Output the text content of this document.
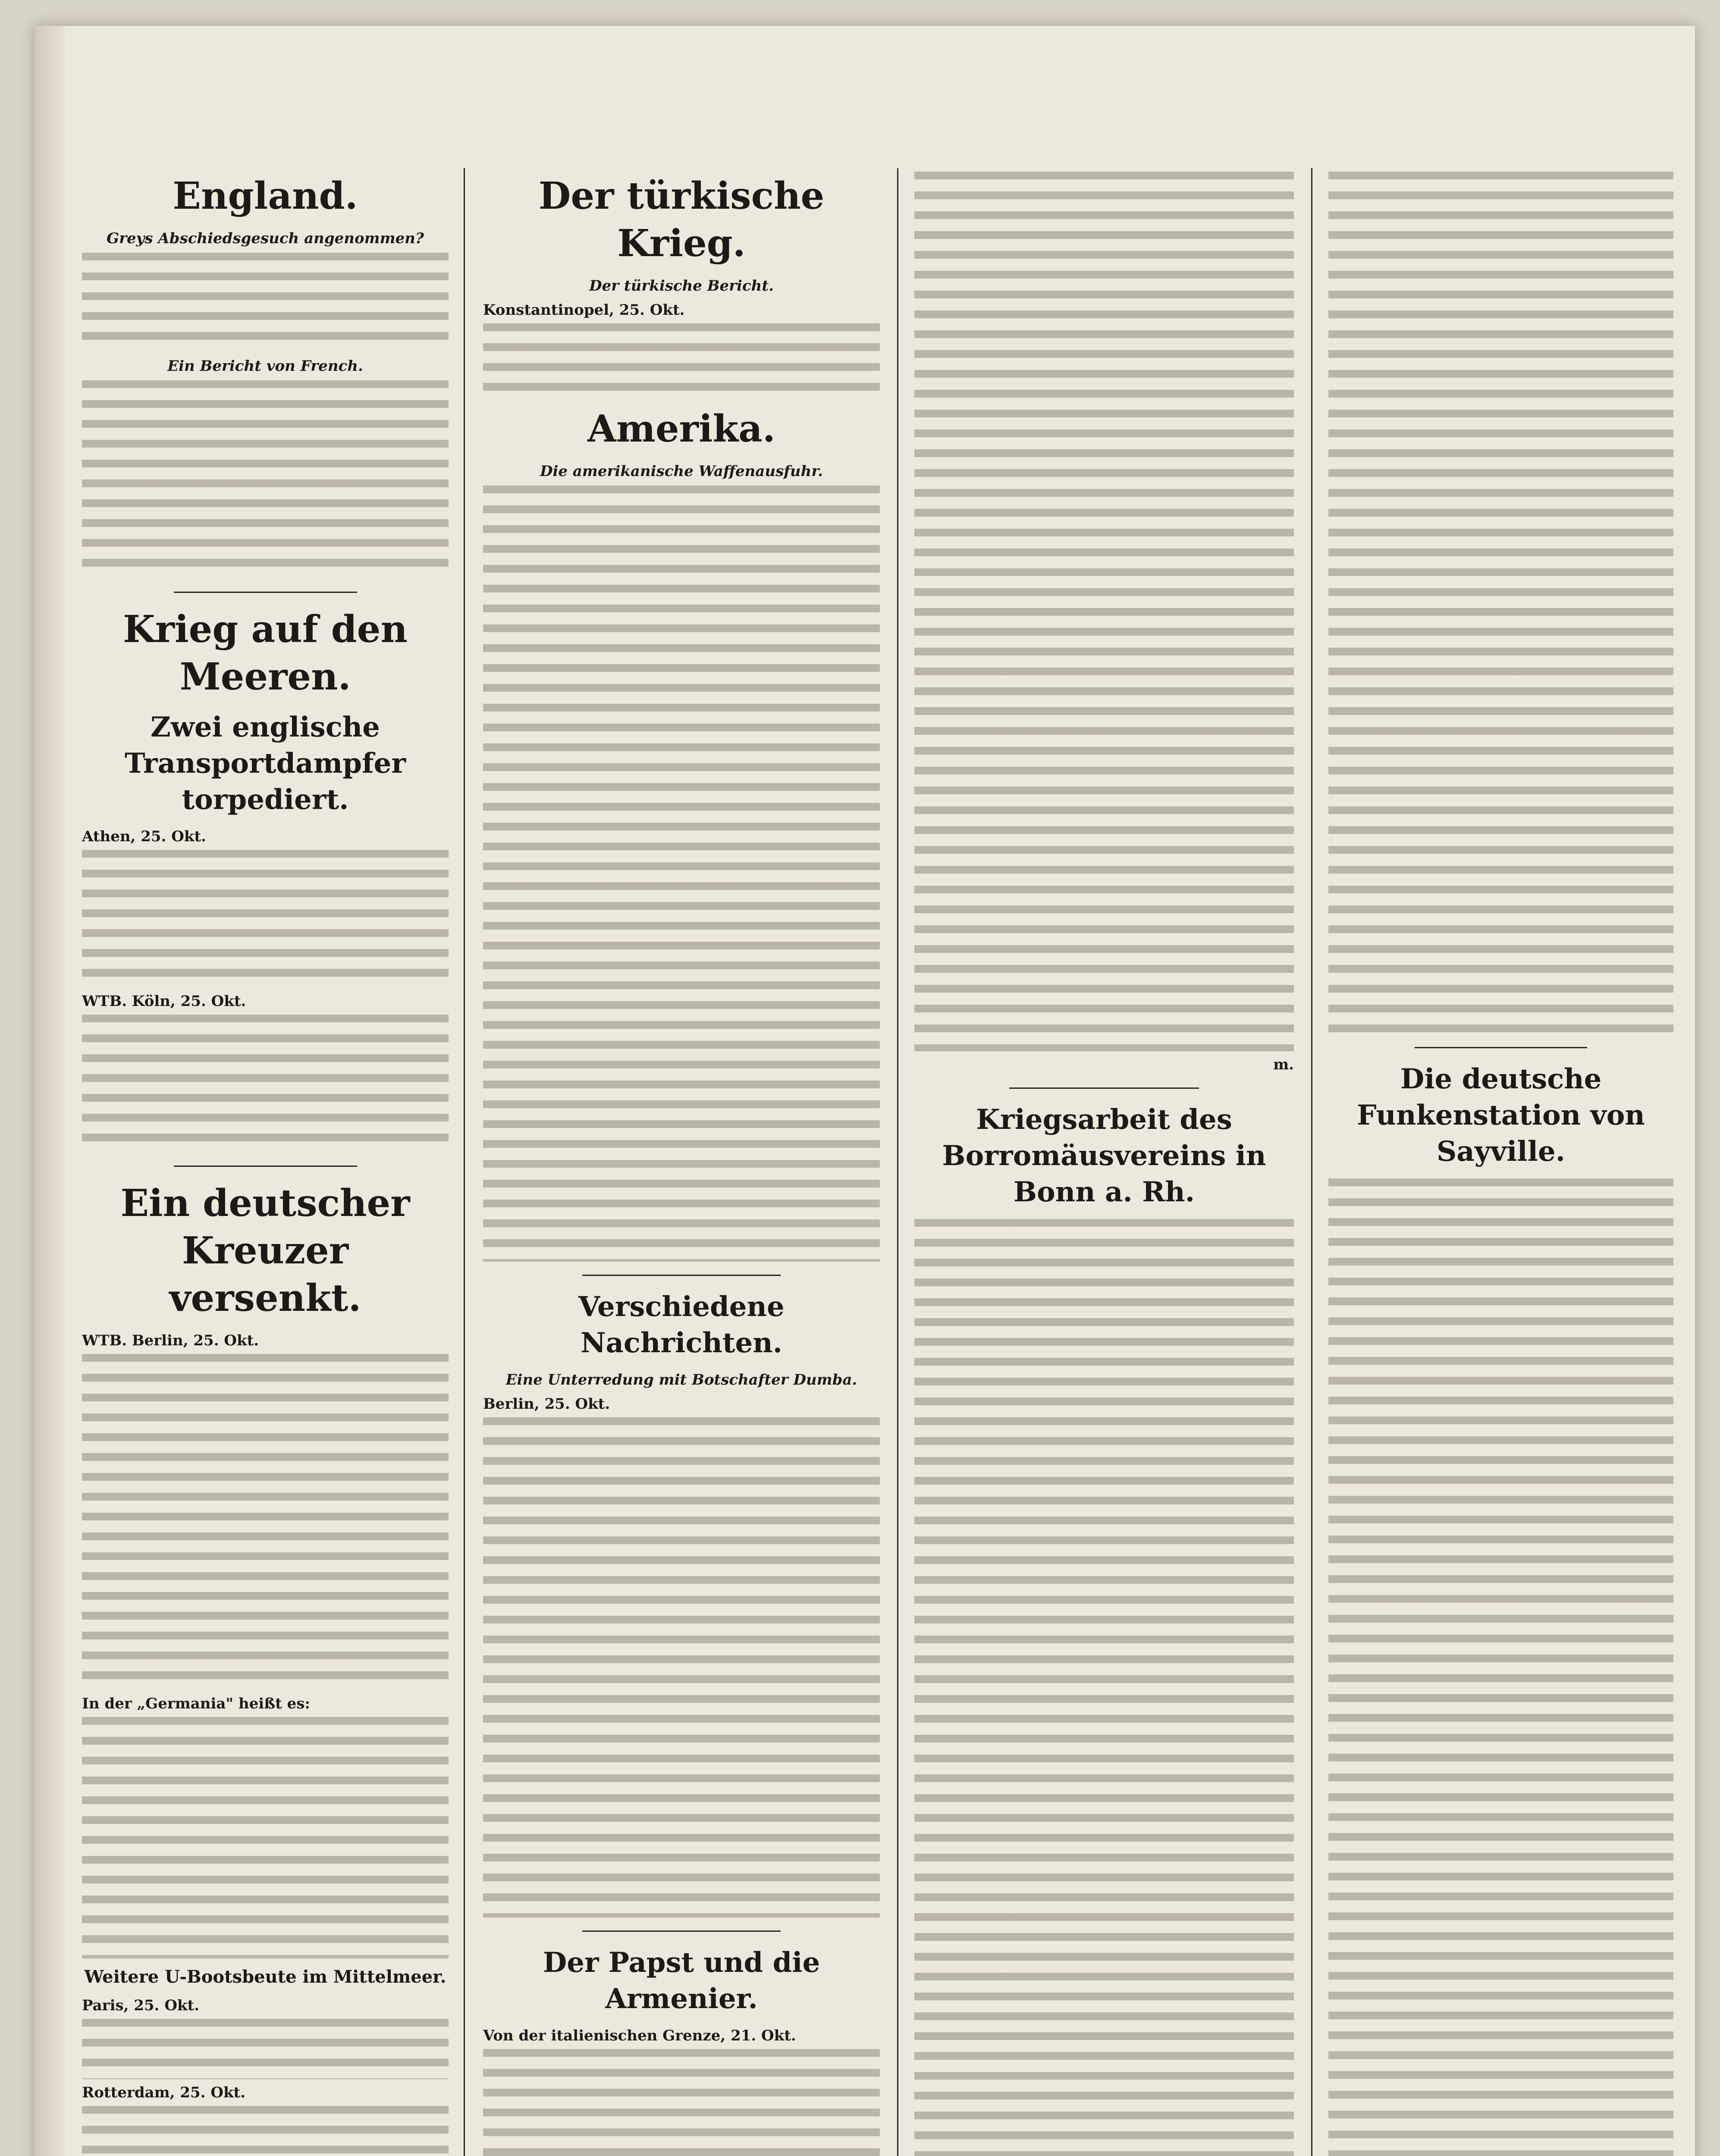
England.
Greys Abschiedsgesuch angenommen?
Ein Bericht von French.
Krieg auf den Meeren.
Zwei englische Transportdampfer torpediert.
Athen, 25. Okt.
WTB. Köln, 25. Okt.
Ein deutscher Kreuzer versenkt.
WTB. Berlin, 25. Okt.
In der „Germania" heißt es:
Weitere U-Bootsbeute im Mittelmeer.
Paris, 25. Okt.
Rotterdam, 25. Okt.
Der türkische Krieg.
Der türkische Bericht.
Konstantinopel, 25. Okt.
Amerika.
Die amerikanische Waffenausfuhr.
Verschiedene Nachrichten.
Eine Unterredung mit Botschafter Dumba.
Berlin, 25. Okt.
Der Papst und die Armenier.
Von der italienischen Grenze, 21. Okt.
m.
Kriegsarbeit des Borromäusvereins in Bonn a. Rh.
Die deutsche Funkenstation von Sayville.
